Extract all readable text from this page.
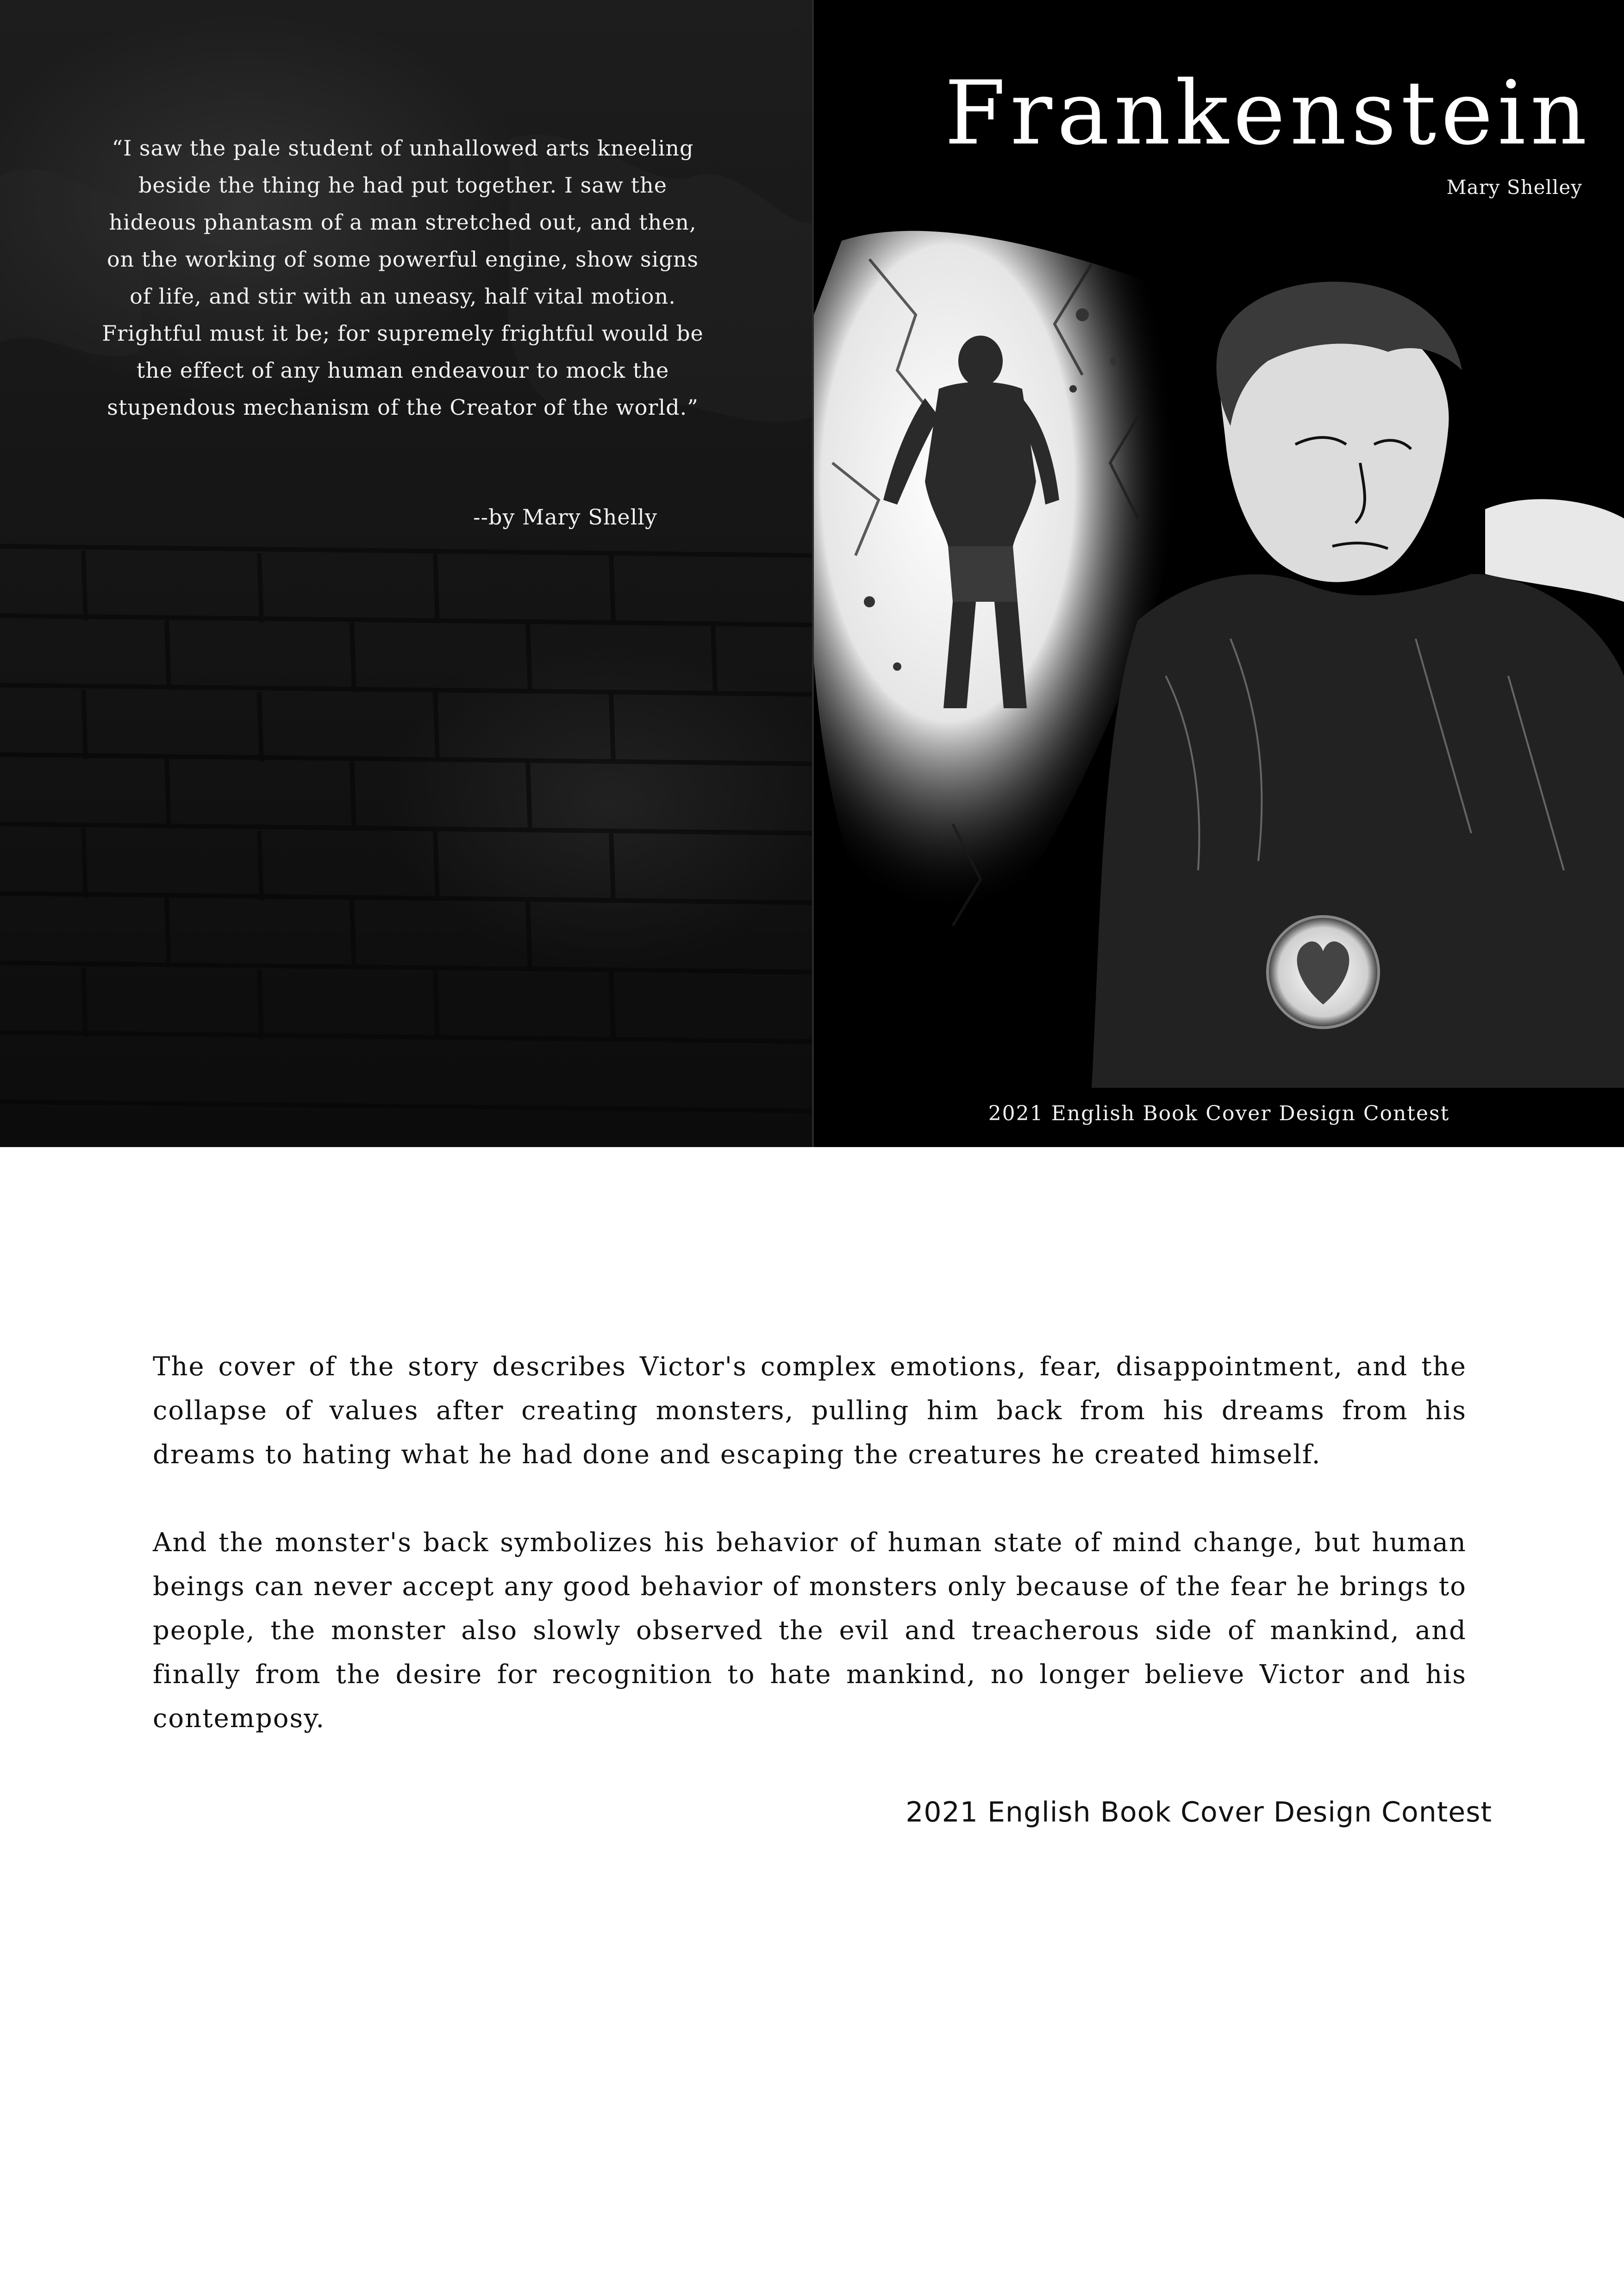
“I saw the pale student of unhallowed arts kneeling beside the thing he had put together. I saw the hideous phantasm of a man stretched out, and then, on the working of some powerful engine, show signs of life, and stir with an uneasy, half vital motion. Frightful must it be; for supremely frightful would be the effect of any human endeavour to mock the stupendous mechanism of the Creator of the world.”

--by Mary Shelly

Frankenstein

Mary Shelley

2021 English Book Cover Design Contest

The cover of the story describes Victor's complex emotions, fear, disappointment, and the collapse of values after creating monsters, pulling him back from his dreams from his dreams to hating what he had done and escaping the creatures he created himself.

And the monster's back symbolizes his behavior of human state of mind change, but human beings can never accept any good behavior of monsters only because of the fear he brings to people, the monster also slowly observed the evil and treacherous side of mankind, and finally from the desire for recognition to hate mankind, no longer believe Victor and his contemposy.

2021 English Book Cover Design Contest
